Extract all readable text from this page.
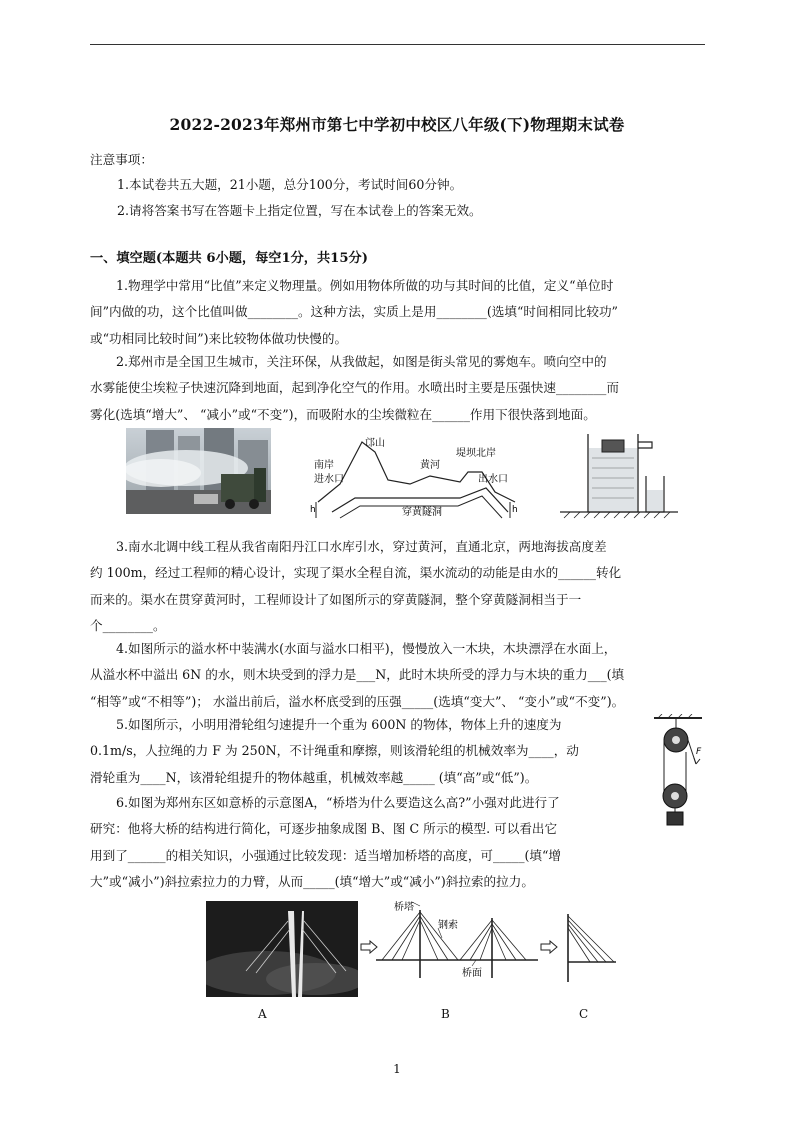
2022-2023年郑州市第七中学初中校区八年级(下)物理期末试卷
注意事项：
1.本试卷共五大题，21小题，总分100分，考试时间60分钟。
2.请将答案书写在答题卡上指定位置，写在本试卷上的答案无效。
一、填空题(本题共 6小题，每空1分，共15分)
1.物理学中常用“比值”来定义物理量。例如用物体所做的功与其时间的比值，定义“单位时
间”内做的功，这个比值叫做________。这种方法，实质上是用________(选填“时间相同比较功”
或“功相同比较时间”)来比较物体做功快慢的。
2.郑州市是全国卫生城市，关注环保，从我做起，如图是街头常见的雾炮车。喷向空中的
水雾能使尘埃粒子快速沉降到地面，起到净化空气的作用。水喷出时主要是压强快速________而
雾化(选填“增大”、 “减小”或“不变”)，而吸附水的尘埃微粒在______作用下很快落到地面。
邙山
南岸
进水口
黄河
堤坝北岸
出水口
穿黄隧洞
h	h
3.南水北调中线工程从我省南阳丹江口水库引水，穿过黄河，直通北京，两地海拔高度差
约 100m，经过工程师的精心设计，实现了渠水全程自流，渠水流动的动能是由水的______转化
而来的。渠水在贯穿黄河时，工程师设计了如图所示的穿黄隧洞，整个穿黄隧洞相当于一
个________。
4.如图所示的溢水杯中装满水(水面与溢水口相平)，慢慢放入一木块，木块漂浮在水面上，
从溢水杯中溢出 6N 的水，则木块受到的浮力是___N，此时木块所受的浮力与木块的重力___(填
“相等”或“不相等”)； 水溢出前后，溢水杯底受到的压强_____(选填“变大”、 “变小”或“不变”)。
5.如图所示，小明用滑轮组匀速提升一个重为 600N 的物体，物体上升的速度为
0.1m/s，人拉绳的力 F 为 250N，不计绳重和摩擦，则该滑轮组的机械效率为____，动
滑轮重为____N，该滑轮组提升的物体越重，机械效率越_____ (填“高”或“低”)。
F
6.如图为郑州东区如意桥的示意图A，“桥塔为什么要造这么高?”小强对此进行了
研究：他将大桥的结构进行简化，可逐步抽象成图 B、图 C 所示的模型. 可以看出它
用到了______的相关知识，小强通过比较发现：适当增加桥塔的高度，可_____(填“增
大”或“减小”)斜拉索拉力的力臂，从而_____(填“增大”或“减小”)斜拉索的拉力。
A
桥塔
钢索
桥面
B	C
1
